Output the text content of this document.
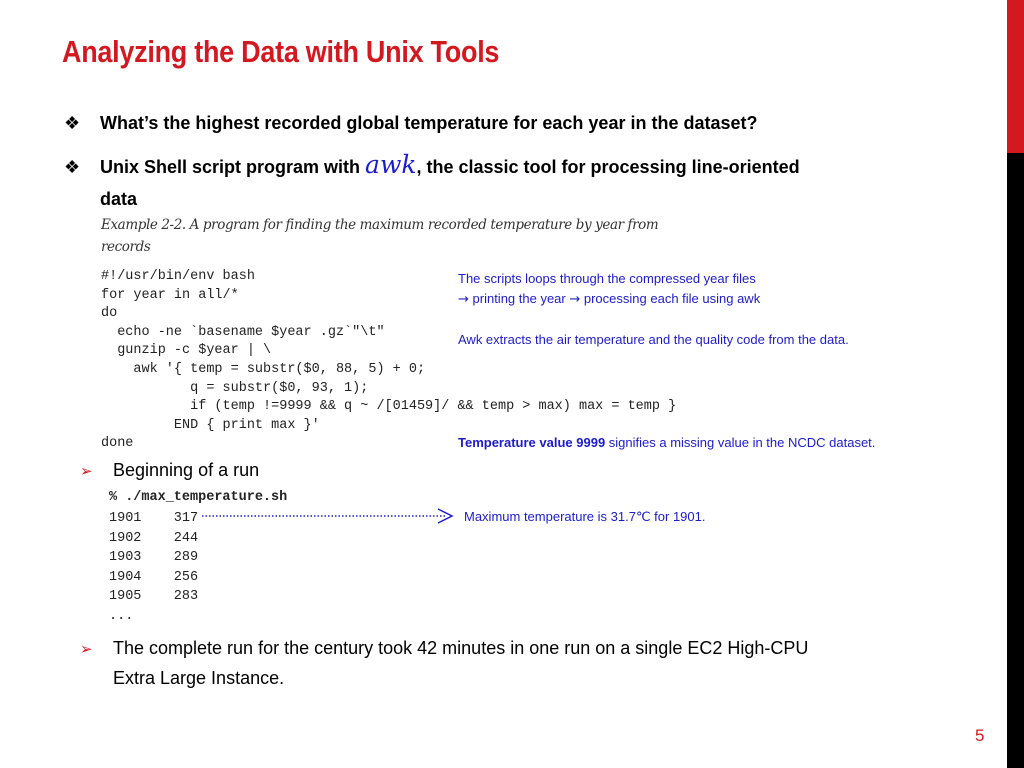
Analyzing the Data with Unix Tools
❖ What’s the highest recorded global temperature for each year in the dataset?
❖ Unix Shell script program with awk, the classic tool for processing line-oriented
data
Example 2-2. A program for finding the maximum recorded temperature by year from
records
#!/usr/bin/env bash
for year in all/*
do
echo -ne `basename $year .gz`"\t"
gunzip -c $year | \
awk '{ temp = substr($0, 88, 5) + 0;
q = substr($0, 93, 1);
if (temp !=9999 && q ~ /[01459]/ && temp > max) max = temp }
END { print max }'
done
The scripts loops through the compressed year files
→ printing the year → processing each file using awk
Awk extracts the air temperature and the quality code from the data.
Temperature value 9999 signifies a missing value in the NCDC dataset.
➢ Beginning of a run
% ./max_temperature.sh
1901    317
1902    244
1903    289
1904    256
1905    283
...
Maximum temperature is 31.7℃ for 1901.
➢ The complete run for the century took 42 minutes in one run on a single EC2 High-CPU
Extra Large Instance.
5
